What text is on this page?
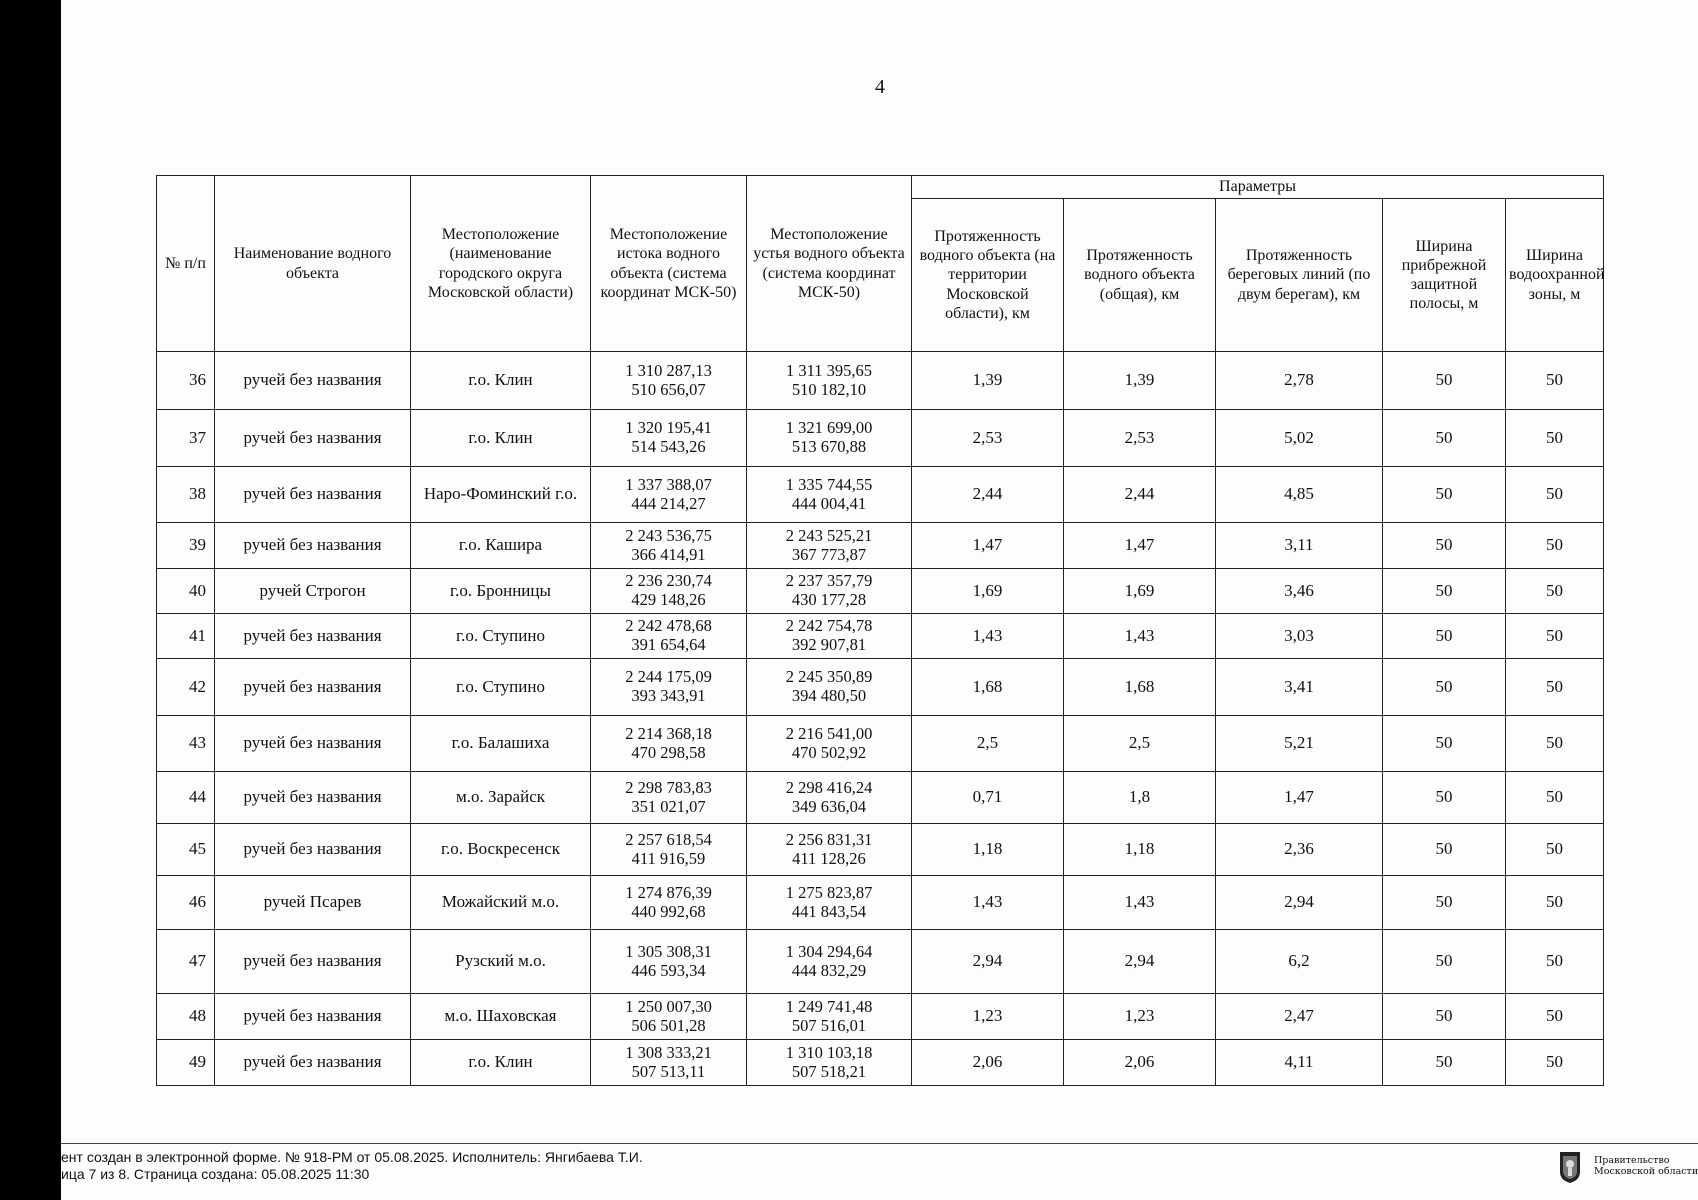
4
№ п/п	Наименование водного объекта	Местоположение (наименование городского округа Московской области)	Местоположение истока водного объекта (система координат МСК-50)	Местоположение устья водного объекта (система координат МСК-50)	Параметры				
					Протяженность водного объекта (на территории Московской области), км	Протяженность водного объекта (общая), км	Протяженность береговых линий (по двум берегам), км	Ширина прибрежной защитной полосы, м	Ширина водоохранной зоны, м
36	ручей без названия	г.о. Клин	1 310 287,13
510 656,07	1 311 395,65
510 182,10	1,39	1,39	2,78	50	50
37	ручей без названия	г.о. Клин	1 320 195,41
514 543,26	1 321 699,00
513 670,88	2,53	2,53	5,02	50	50
38	ручей без названия	Наро-Фоминский г.о.	1 337 388,07
444 214,27	1 335 744,55
444 004,41	2,44	2,44	4,85	50	50
39	ручей без названия	г.о. Кашира	2 243 536,75
366 414,91	2 243 525,21
367 773,87	1,47	1,47	3,11	50	50
40	ручей Строгон	г.о. Бронницы	2 236 230,74
429 148,26	2 237 357,79
430 177,28	1,69	1,69	3,46	50	50
41	ручей без названия	г.о. Ступино	2 242 478,68
391 654,64	2 242 754,78
392 907,81	1,43	1,43	3,03	50	50
42	ручей без названия	г.о. Ступино	2 244 175,09
393 343,91	2 245 350,89
394 480,50	1,68	1,68	3,41	50	50
43	ручей без названия	г.о. Балашиха	2 214 368,18
470 298,58	2 216 541,00
470 502,92	2,5	2,5	5,21	50	50
44	ручей без названия	м.о. Зарайск	2 298 783,83
351 021,07	2 298 416,24
349 636,04	0,71	1,8	1,47	50	50
45	ручей без названия	г.о. Воскресенск	2 257 618,54
411 916,59	2 256 831,31
411 128,26	1,18	1,18	2,36	50	50
46	ручей Псарев	Можайский м.о.	1 274 876,39
440 992,68	1 275 823,87
441 843,54	1,43	1,43	2,94	50	50
47	ручей без названия	Рузский м.о.	1 305 308,31
446 593,34	1 304 294,64
444 832,29	2,94	2,94	6,2	50	50
48	ручей без названия	м.о. Шаховская	1 250 007,30
506 501,28	1 249 741,48
507 516,01	1,23	1,23	2,47	50	50
49	ручей без названия	г.о. Клин	1 308 333,21
507 513,11	1 310 103,18
507 518,21	2,06	2,06	4,11	50	50
ент создан в электронной форме. № 918-РМ от 05.08.2025. Исполнитель: Янгибаева Т.И.
ица 7 из 8. Страница создана: 05.08.2025 11:30
Правительство
Московской области
